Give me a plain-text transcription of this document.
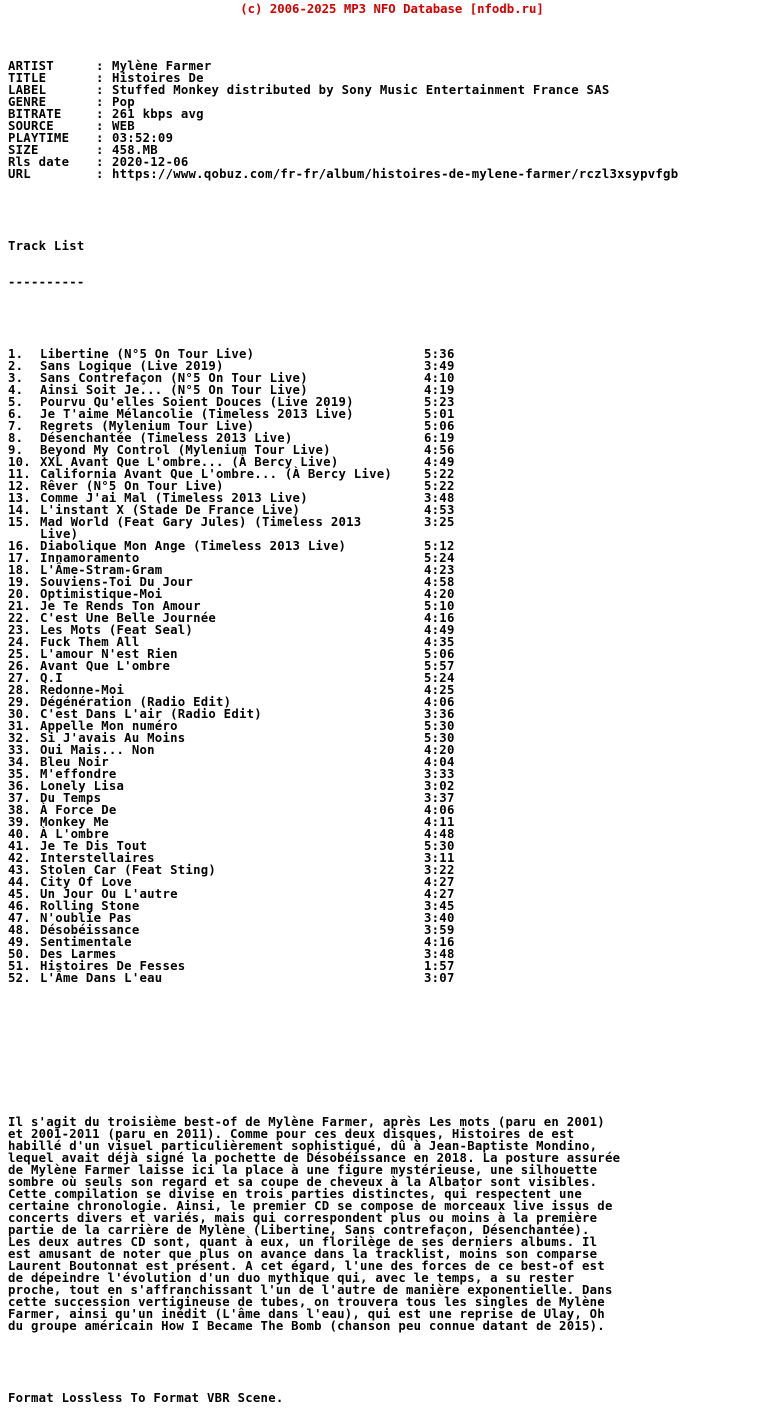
(c) 2006-2025 MP3 NFO Database [nfodb.ru]

ARTIST	: Mylène Farmer
TITLE	: Histoires De
LABEL	: Stuffed Monkey distributed by Sony Music Entertainment France SAS
GENRE	: Pop
BITRATE	: 261 kbps avg
SOURCE	: WEB
PLAYTIME : 03:52:09
SIZE	: 458.MB
Rls date : 2020-12-06
URL	: https://www.qobuz.com/fr-fr/album/histoires-de-mylene-farmer/rczl3xsypvfgb

Track List

----------

1. Libertine (N°5 On Tour Live)	5:36
2. Sans Logique (Live 2019)	3:49
3. Sans Contrefaçon (N°5 On Tour Live)	4:10
4. Ainsi Soit Je... (N°5 On Tour Live)	4:19
5. Pourvu Qu'elles Soient Douces (Live 2019)	5:23
6. Je T'aime Mélancolie (Timeless 2013 Live)	5:01
7. Regrets (Mylenium Tour Live)	5:06
8. Désenchantée (Timeless 2013 Live)	6:19
9. Beyond My Control (Mylenium Tour Live)	4:56
10. XXL Avant Que L'ombre... (À Bercy Live)	4:49
11. California Avant Que L'ombre... (À Bercy Live)	5:22
12. Rêver (N°5 On Tour Live)	5:22
13. Comme J'ai Mal (Timeless 2013 Live)	3:48
14. L'instant X (Stade De France Live)	4:53
15. Mad World (Feat Gary Jules) (Timeless 2013	3:25
Live)
16. Diabolique Mon Ange (Timeless 2013 Live)	5:12
17. Innamoramento	5:24
18. L'Âme-Stram-Gram	4:23
19. Souviens-Toi Du Jour	4:58
20. Optimistique-Moi	4:20
21. Je Te Rends Ton Amour	5:10
22. C'est Une Belle Journée	4:16
23. Les Mots (Feat Seal)	4:49
24. Fuck Them All	4:35
25. L'amour N'est Rien	5:06
26. Avant Que L'ombre	5:57
27. Q.I	5:24
28. Redonne-Moi	4:25
29. Dégénération (Radio Edit)	4:06
30. C'est Dans L'air (Radio Edit)	3:36
31. Appelle Mon numéro	5:30
32. Si J'avais Au Moins	5:30
33. Oui Mais... Non	4:20
34. Bleu Noir	4:04
35. M'effondre	3:33
36. Lonely Lisa	3:02
37. Du Temps	3:37
38. À Force De	4:06
39. Monkey Me	4:11
40. À L'ombre	4:48
41. Je Te Dis Tout	5:30
42. Interstellaires	3:11
43. Stolen Car (Feat Sting)	3:22
44. City Of Love	4:27
45. Un Jour Ou L'autre	4:27
46. Rolling Stone	3:45
47. N'oublie Pas	3:40
48. Désobéissance	3:59
49. Sentimentale	4:16
50. Des Larmes	3:48
51. Histoires De Fesses	1:57
52. L'Âme Dans L'eau	3:07

Il s'agit du troisième best-of de Mylène Farmer, après Les mots (paru en 2001)
et 2001-2011 (paru en 2011). Comme pour ces deux disques, Histoires de est
habillé d'un visuel particulièrement sophistiqué, dû à Jean-Baptiste Mondino,
lequel avait déjà signé la pochette de Désobéissance en 2018. La posture assurée
de Mylène Farmer laisse ici la place à une figure mystérieuse, une silhouette
sombre où seuls son regard et sa coupe de cheveux à la Albator sont visibles.
Cette compilation se divise en trois parties distinctes, qui respectent une
certaine chronologie. Ainsi, le premier CD se compose de morceaux live issus de
concerts divers et variés, mais qui correspondent plus ou moins à la première
partie de la carrière de Mylène (Libertine, Sans contrefaçon, Désenchantée).
Les deux autres CD sont, quant à eux, un florilège de ses derniers albums. Il
est amusant de noter que plus on avance dans la tracklist, moins son comparse
Laurent Boutonnat est présent. A cet égard, l'une des forces de ce best-of est
de dépeindre l'évolution d'un duo mythique qui, avec le temps, a su rester
proche, tout en s'affranchissant l'un de l'autre de manière exponentielle. Dans
cette succession vertigineuse de tubes, on trouvera tous les singles de Mylène
Farmer, ainsi qu'un inédit (L'âme dans l'eau), qui est une reprise de Ulay, Oh
du groupe américain How I Became The Bomb (chanson peu connue datant de 2015).

Format Lossless To Format VBR Scene.
